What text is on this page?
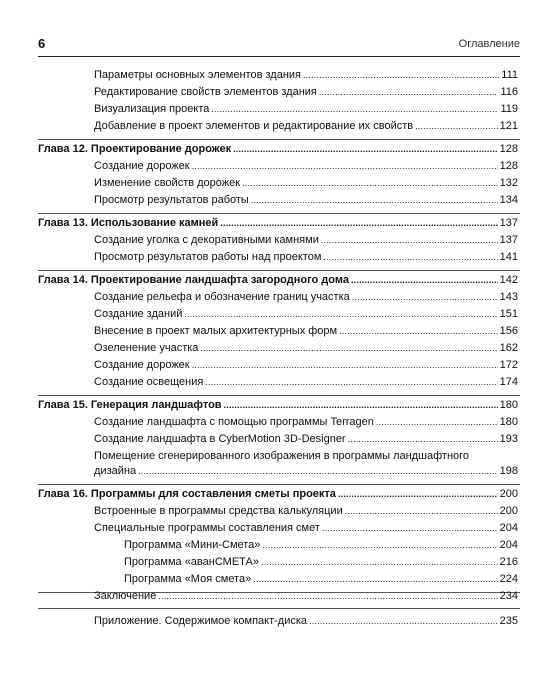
6	Оглавление
Параметры основных элементов здания .....	111
Редактирование свойств элементов здания .....	116
Визуализация проекта .....	119
Добавление в проект элементов и редактирование их свойств .....	121
Глава 12. Проектирование дорожек .....	128
Создание дорожек .....	128
Изменение свойств дорожек .....	132
Просмотр результатов работы .....	134
Глава 13. Использование камней .....	137
Создание уголка с декоративными камнями .....	137
Просмотр результатов работы над проектом .....	141
Глава 14. Проектирование ландшафта загородного дома .....	142
Создание рельефа и обозначение границ участка .....	143
Создание зданий .....	151
Внесение в проект малых архитектурных форм .....	156
Озеленение участка .....	162
Создание дорожек .....	172
Создание освещения .....	174
Глава 15. Генерация ландшафтов .....	180
Создание ландшафта с помощью программы Terragen .....	180
Создание ландшафта в CyberMotion 3D-Designer .....	193
Помещение сгенерированного изображения в программы ландшафтного
дизайна .....	198
Глава 16. Программы для составления сметы проекта .....	200
Встроенные в программы средства калькуляции .....	200
Специальные программы составления смет .....	204
Программа «Мини-Смета» .....	204
Программа «аванСМЕТА» .....	216
Программа «Моя смета» .....	224
Заключение .....	234
Приложение. Содержимое компакт-диска .....	235
